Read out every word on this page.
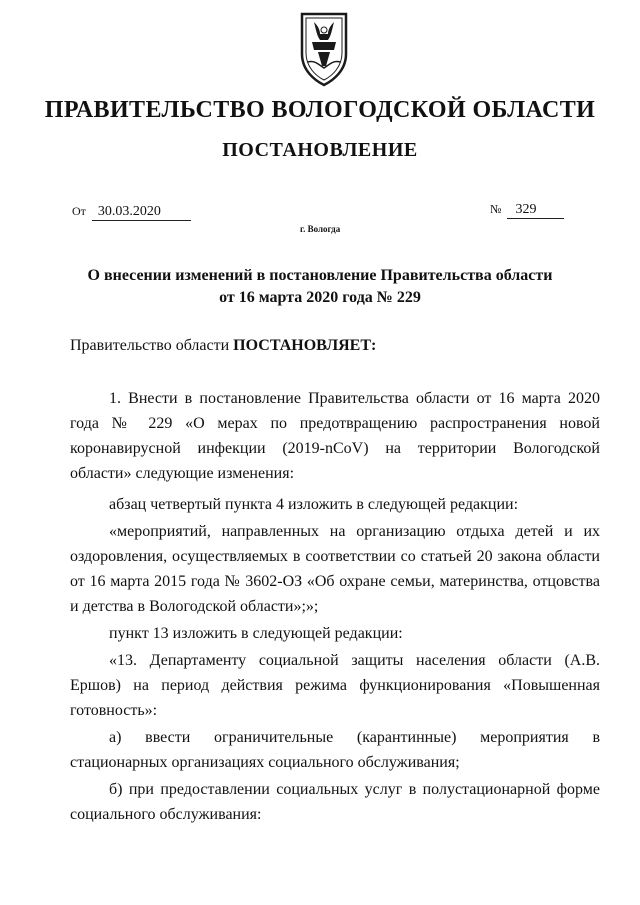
ПРАВИТЕЛЬСТВО ВОЛОГОДСКОЙ ОБЛАСТИ
ПОСТАНОВЛЕНИЕ
От 30.03.2020	№ 329
г. Вологда
О внесении изменений в постановление Правительства области
от 16 марта 2020 года № 229
Правительство области ПОСТАНОВЛЯЕТ:

1. Внести в постановление Правительства области от 16 марта 2020 года № 229 «О мерах по предотвращению распространения новой коронавирусной инфекции (2019-nCoV) на территории Вологодской области» следующие изменения:

абзац четвертый пункта 4 изложить в следующей редакции:

«мероприятий, направленных на организацию отдыха детей и их оздоровления, осуществляемых в соответствии со статьей 20 закона области от 16 марта 2015 года № 3602-ОЗ «Об охране семьи, материнства, отцовства и детства в Вологодской области»;»;

пункт 13 изложить в следующей редакции:

«13. Департаменту социальной защиты населения области (А.В. Ершов) на период действия режима функционирования «Повышенная готовность»:

а) ввести ограничительные (карантинные) мероприятия в стационарных организациях социального обслуживания;

б) при предоставлении социальных услуг в полустационарной форме социального обслуживания:
